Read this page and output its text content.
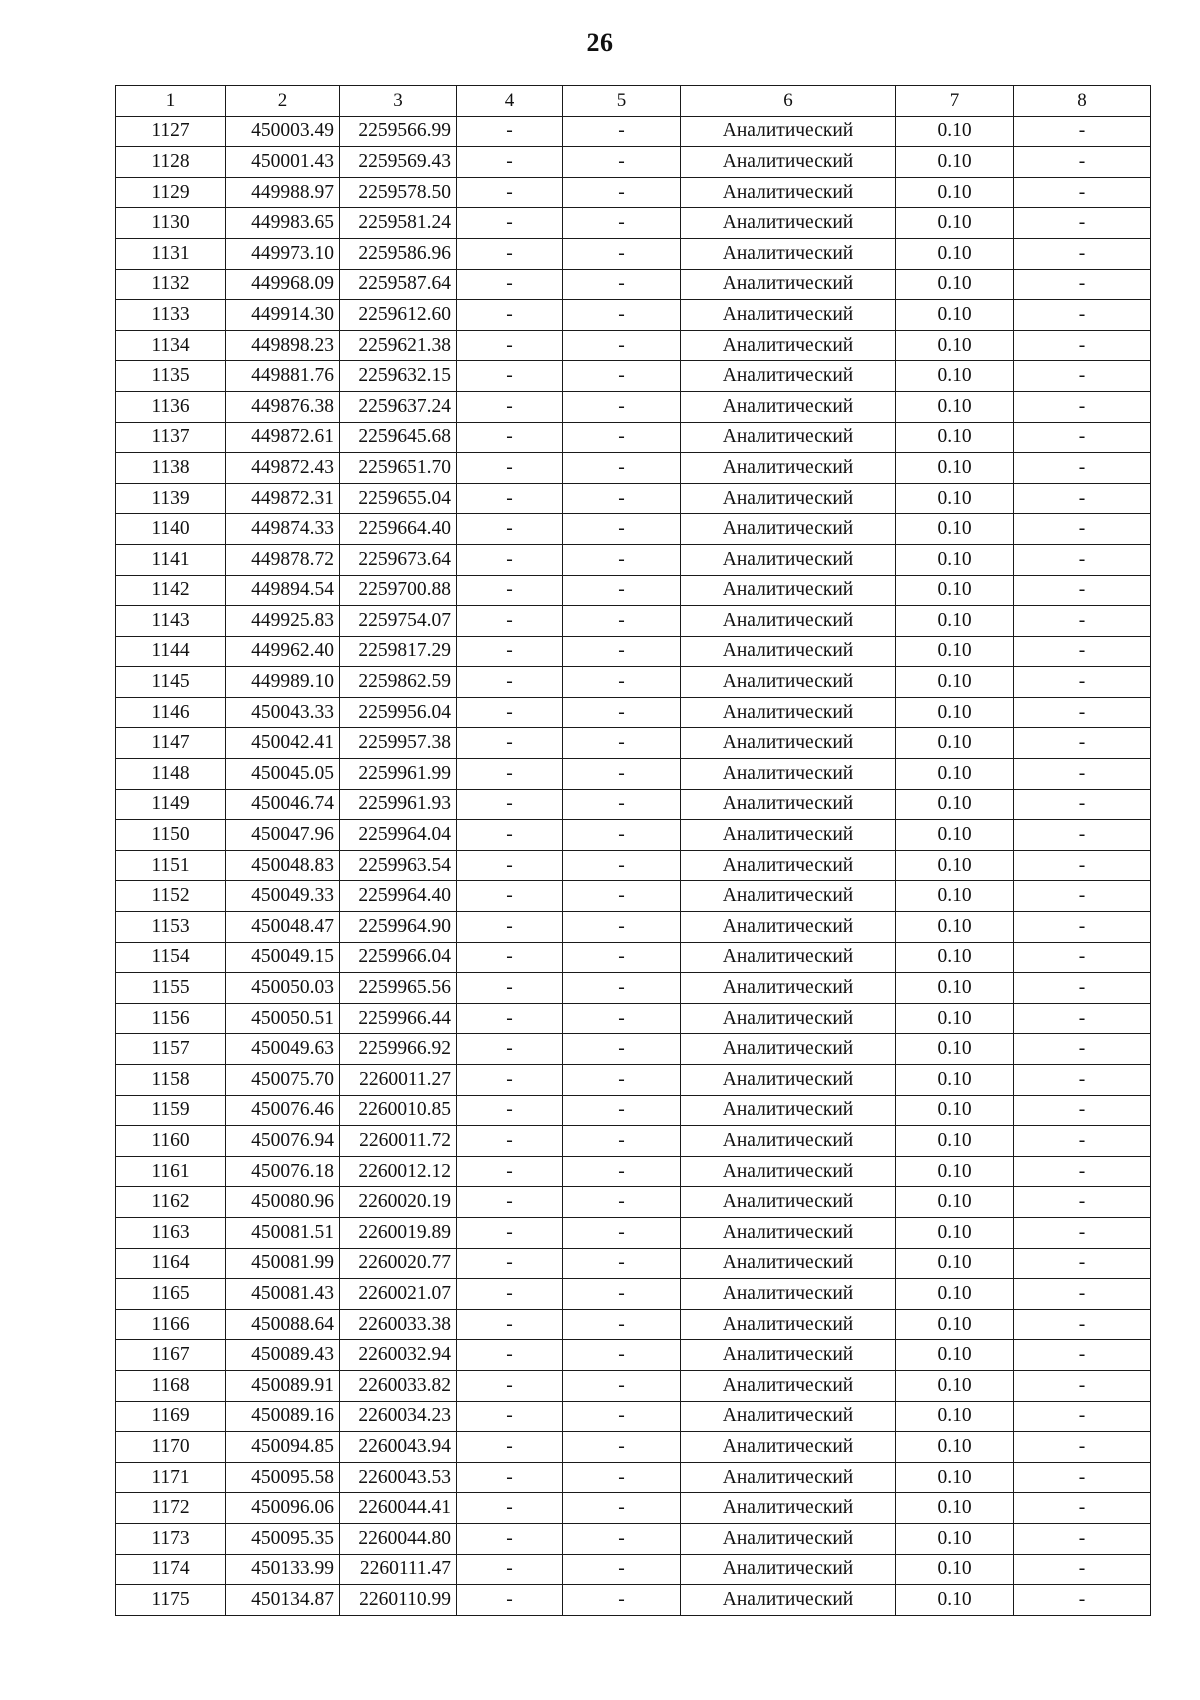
26
1	2	3	4	5	6	7	8
1127	450003.49	2259566.99	-	-	Аналитический	0.10	-
1128	450001.43	2259569.43	-	-	Аналитический	0.10	-
1129	449988.97	2259578.50	-	-	Аналитический	0.10	-
1130	449983.65	2259581.24	-	-	Аналитический	0.10	-
1131	449973.10	2259586.96	-	-	Аналитический	0.10	-
1132	449968.09	2259587.64	-	-	Аналитический	0.10	-
1133	449914.30	2259612.60	-	-	Аналитический	0.10	-
1134	449898.23	2259621.38	-	-	Аналитический	0.10	-
1135	449881.76	2259632.15	-	-	Аналитический	0.10	-
1136	449876.38	2259637.24	-	-	Аналитический	0.10	-
1137	449872.61	2259645.68	-	-	Аналитический	0.10	-
1138	449872.43	2259651.70	-	-	Аналитический	0.10	-
1139	449872.31	2259655.04	-	-	Аналитический	0.10	-
1140	449874.33	2259664.40	-	-	Аналитический	0.10	-
1141	449878.72	2259673.64	-	-	Аналитический	0.10	-
1142	449894.54	2259700.88	-	-	Аналитический	0.10	-
1143	449925.83	2259754.07	-	-	Аналитический	0.10	-
1144	449962.40	2259817.29	-	-	Аналитический	0.10	-
1145	449989.10	2259862.59	-	-	Аналитический	0.10	-
1146	450043.33	2259956.04	-	-	Аналитический	0.10	-
1147	450042.41	2259957.38	-	-	Аналитический	0.10	-
1148	450045.05	2259961.99	-	-	Аналитический	0.10	-
1149	450046.74	2259961.93	-	-	Аналитический	0.10	-
1150	450047.96	2259964.04	-	-	Аналитический	0.10	-
1151	450048.83	2259963.54	-	-	Аналитический	0.10	-
1152	450049.33	2259964.40	-	-	Аналитический	0.10	-
1153	450048.47	2259964.90	-	-	Аналитический	0.10	-
1154	450049.15	2259966.04	-	-	Аналитический	0.10	-
1155	450050.03	2259965.56	-	-	Аналитический	0.10	-
1156	450050.51	2259966.44	-	-	Аналитический	0.10	-
1157	450049.63	2259966.92	-	-	Аналитический	0.10	-
1158	450075.70	2260011.27	-	-	Аналитический	0.10	-
1159	450076.46	2260010.85	-	-	Аналитический	0.10	-
1160	450076.94	2260011.72	-	-	Аналитический	0.10	-
1161	450076.18	2260012.12	-	-	Аналитический	0.10	-
1162	450080.96	2260020.19	-	-	Аналитический	0.10	-
1163	450081.51	2260019.89	-	-	Аналитический	0.10	-
1164	450081.99	2260020.77	-	-	Аналитический	0.10	-
1165	450081.43	2260021.07	-	-	Аналитический	0.10	-
1166	450088.64	2260033.38	-	-	Аналитический	0.10	-
1167	450089.43	2260032.94	-	-	Аналитический	0.10	-
1168	450089.91	2260033.82	-	-	Аналитический	0.10	-
1169	450089.16	2260034.23	-	-	Аналитический	0.10	-
1170	450094.85	2260043.94	-	-	Аналитический	0.10	-
1171	450095.58	2260043.53	-	-	Аналитический	0.10	-
1172	450096.06	2260044.41	-	-	Аналитический	0.10	-
1173	450095.35	2260044.80	-	-	Аналитический	0.10	-
1174	450133.99	2260111.47	-	-	Аналитический	0.10	-
1175	450134.87	2260110.99	-	-	Аналитический	0.10	-
